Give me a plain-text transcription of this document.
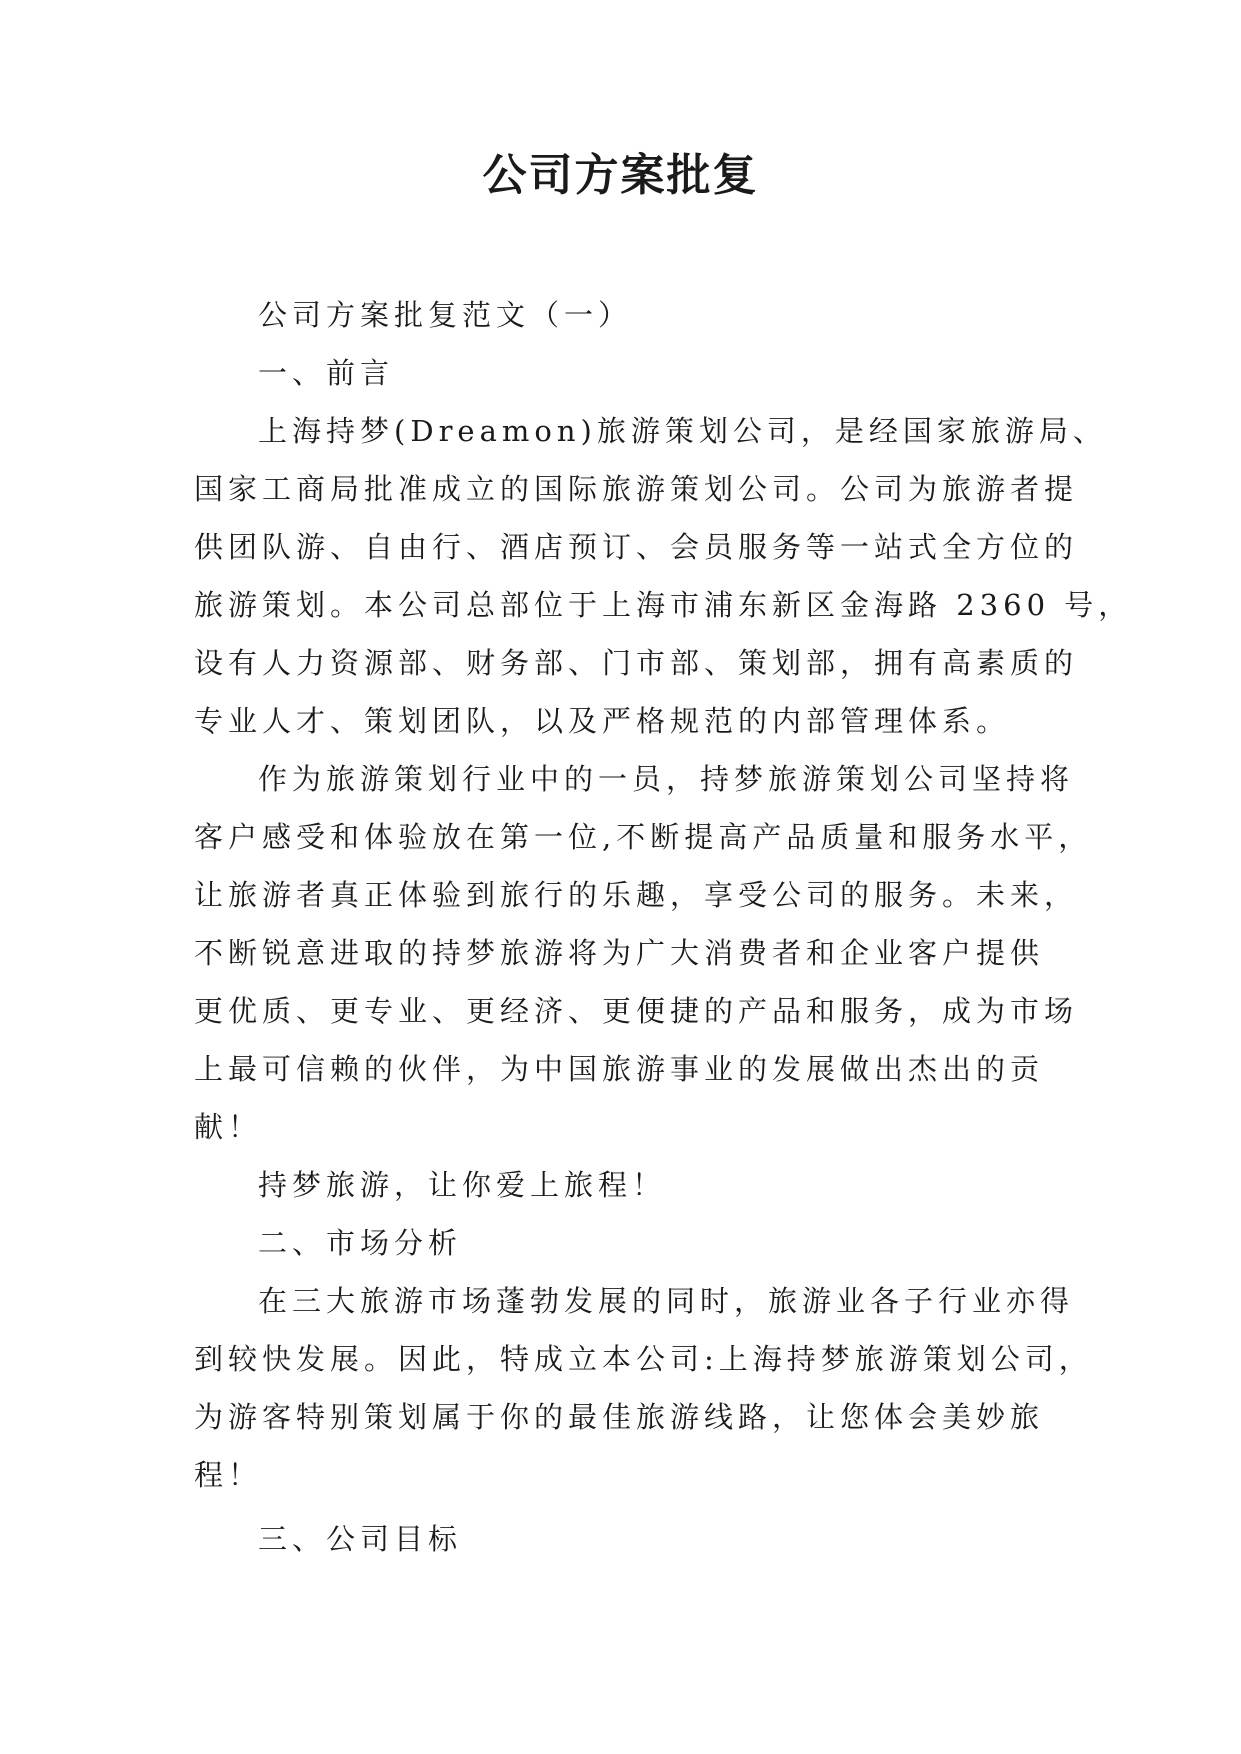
公司方案批复

公司方案批复范文（一）

一、前言

上海持梦(Dreamon)旅游策划公司，是经国家旅游局、

国家工商局批准成立的国际旅游策划公司。公司为旅游者提

供团队游、自由行、酒店预订、会员服务等一站式全方位的

旅游策划。本公司总部位于上海市浦东新区金海路 2360 号，

设有人力资源部、财务部、门市部、策划部，拥有高素质的

专业人才、策划团队，以及严格规范的内部管理体系。

作为旅游策划行业中的一员，持梦旅游策划公司坚持将

客户感受和体验放在第一位,不断提高产品质量和服务水平，

让旅游者真正体验到旅行的乐趣，享受公司的服务。未来，

不断锐意进取的持梦旅游将为广大消费者和企业客户提供

更优质、更专业、更经济、更便捷的产品和服务，成为市场

上最可信赖的伙伴，为中国旅游事业的发展做出杰出的贡

献！

持梦旅游，让你爱上旅程！

二、市场分析

在三大旅游市场蓬勃发展的同时，旅游业各子行业亦得

到较快发展。因此，特成立本公司:上海持梦旅游策划公司，

为游客特别策划属于你的最佳旅游线路，让您体会美妙旅

程！

三、公司目标
